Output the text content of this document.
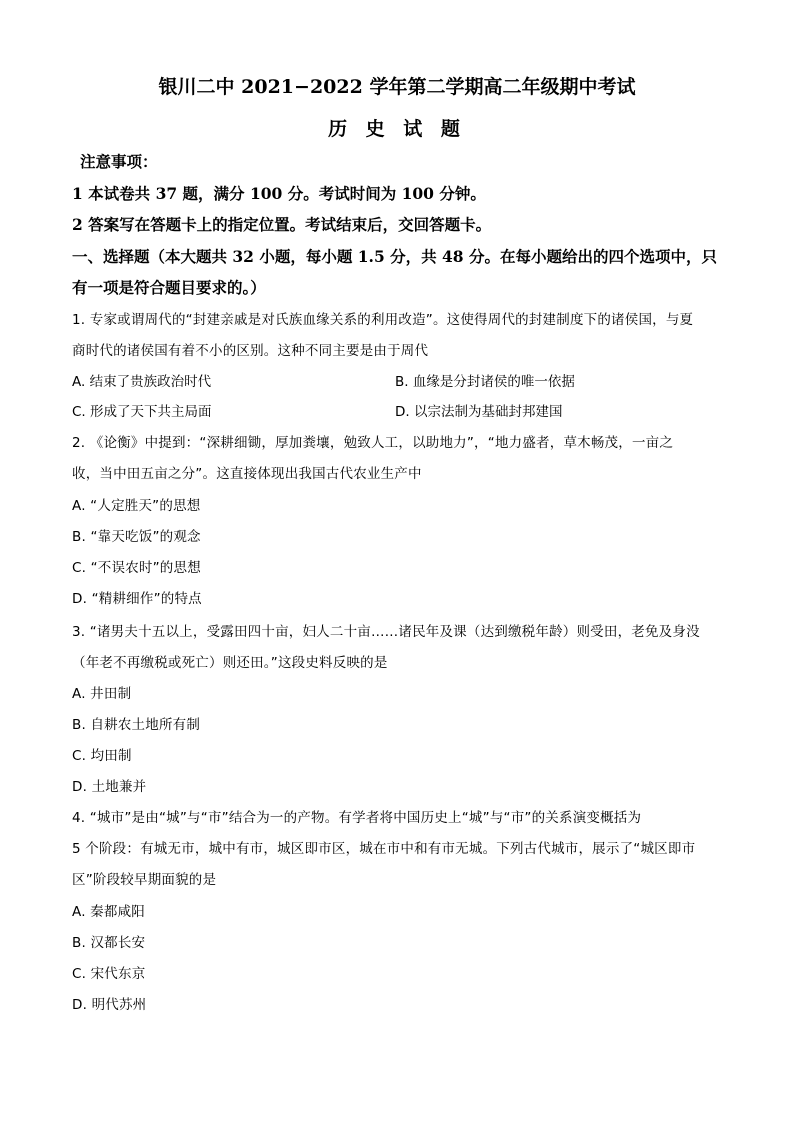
银川二中 2021−2022 学年第二学期高二年级期中考试
历 史 试 题
注意事项：
1 本试卷共 37 题，满分 100 分。考试时间为 100 分钟。
2 答案写在答题卡上的指定位置。考试结束后，交回答题卡。
一、选择题（本大题共 32 小题，每小题 1.5 分，共 48 分。在每小题给出的四个选项中，只
有一项是符合题目要求的。）
1. 专家或谓周代的“封建亲戚是对氏族血缘关系的利用改造”。这使得周代的封建制度下的诸侯国，与夏
商时代的诸侯国有着不小的区别。这种不同主要是由于周代
A. 结束了贵族政治时代	B. 血缘是分封诸侯的唯一依据
C. 形成了天下共主局面	D. 以宗法制为基础封邦建国
2. 《论衡》中提到：“深耕细锄，厚加粪壤，勉致人工，以助地力”，“地力盛者，草木畅茂，一亩之
收，当中田五亩之分”。这直接体现出我国古代农业生产中
A. “人定胜天”的思想
B. “靠天吃饭”的观念
C. “不误农时”的思想
D. “精耕细作”的特点
3. “诸男夫十五以上，受露田四十亩，妇人二十亩……诸民年及课（达到缴税年龄）则受田，老免及身没
（年老不再缴税或死亡）则还田。”这段史料反映的是
A. 井田制
B. 自耕农土地所有制
C. 均田制
D. 土地兼并
4. “城市”是由“城”与“市”结合为一的产物。有学者将中国历史上“城”与“市”的关系演变概括为
5 个阶段：有城无市，城中有市，城区即市区，城在市中和有市无城。下列古代城市，展示了“城区即市
区”阶段较早期面貌的是
A. 秦都咸阳
B. 汉都长安
C. 宋代东京
D. 明代苏州
